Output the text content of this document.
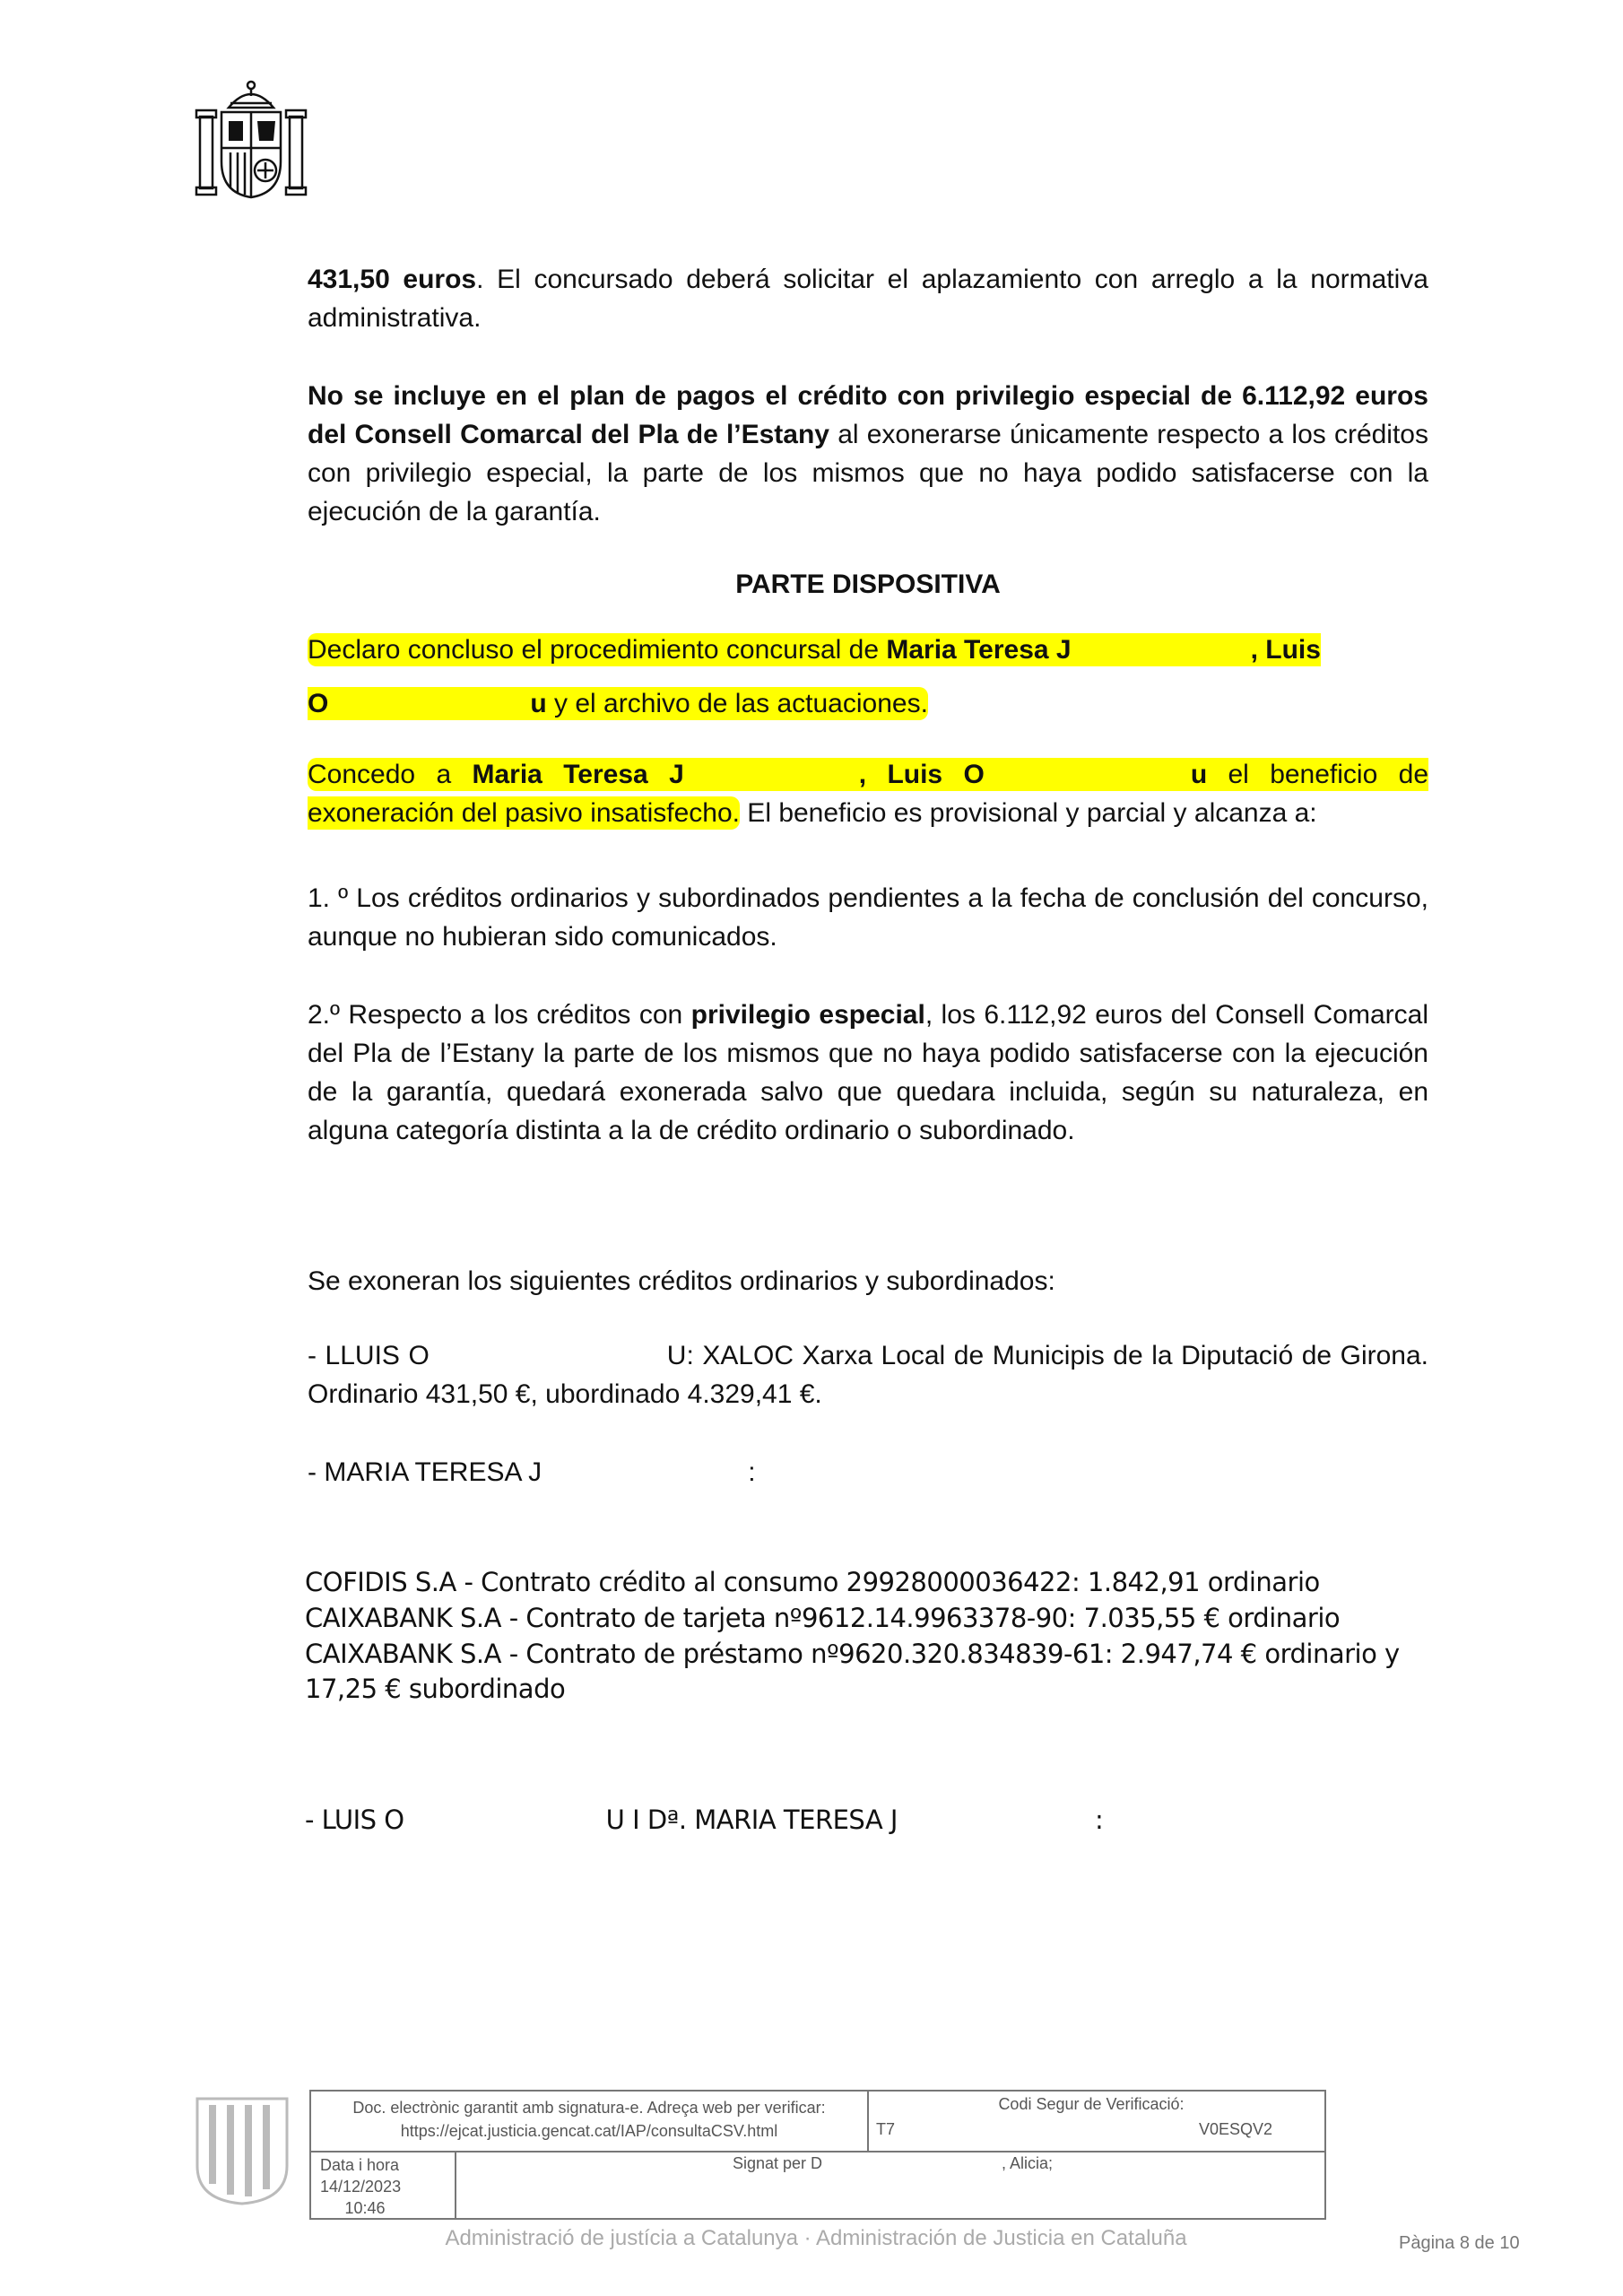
431,50 euros. El concursado deberá solicitar el aplazamiento con arreglo a la normativa administrativa.
No se incluye en el plan de pagos el crédito con privilegio especial de 6.112,92 euros del Consell Comarcal del Pla de l’Estany al exonerarse únicamente respecto a los créditos con privilegio especial, la parte de los mismos que no haya podido satisfacerse con la ejecución de la garantía.
PARTE DISPOSITIVA
Declaro concluso el procedimiento concursal de Maria Teresa J	, Luis
O	u y el archivo de las actuaciones.
Concedo a Maria Teresa J	, Luis O	u el beneficio de exoneración del pasivo insatisfecho. El beneficio es provisional y parcial y alcanza a:
1. º Los créditos ordinarios y subordinados pendientes a la fecha de conclusión del concurso, aunque no hubieran sido comunicados.
2.º Respecto a los créditos con privilegio especial, los 6.112,92 euros del Consell Comarcal del Pla de l’Estany la parte de los mismos que no haya podido satisfacerse con la ejecución de la garantía, quedará exonerada salvo que quedara incluida, según su naturaleza, en alguna categoría distinta a la de crédito ordinario o subordinado.
Se exoneran los siguientes créditos ordinarios y subordinados:
- LLUIS O	U: XALOC Xarxa Local de Municipis de la Diputació de Girona. Ordinario 431,50 €, ubordinado 4.329,41 €.
- MARIA TERESA J	:
COFIDIS S.A - Contrato crédito al consumo 29928000036422: 1.842,91 ordinario
CAIXABANK S.A - Contrato de tarjeta nº9612.14.9963378-90: 7.035,55 € ordinario
CAIXABANK S.A - Contrato de préstamo nº9620.320.834839-61: 2.947,74 € ordinario y 17,25 € subordinado
- LUIS O	U I Dª. MARIA TERESA J	:
Doc. electrònic garantit amb signatura-e. Adreça web per verificar:
https://ejcat.justicia.gencat.cat/IAP/consultaCSV.html
Codi Segur de Verificació:
T7	V0ESQV2
Data i hora
14/12/2023
10:46
Signat per D	, Alicia;
Administració de justícia a Catalunya · Administración de Justicia en Cataluña	Pàgina 8 de 10
